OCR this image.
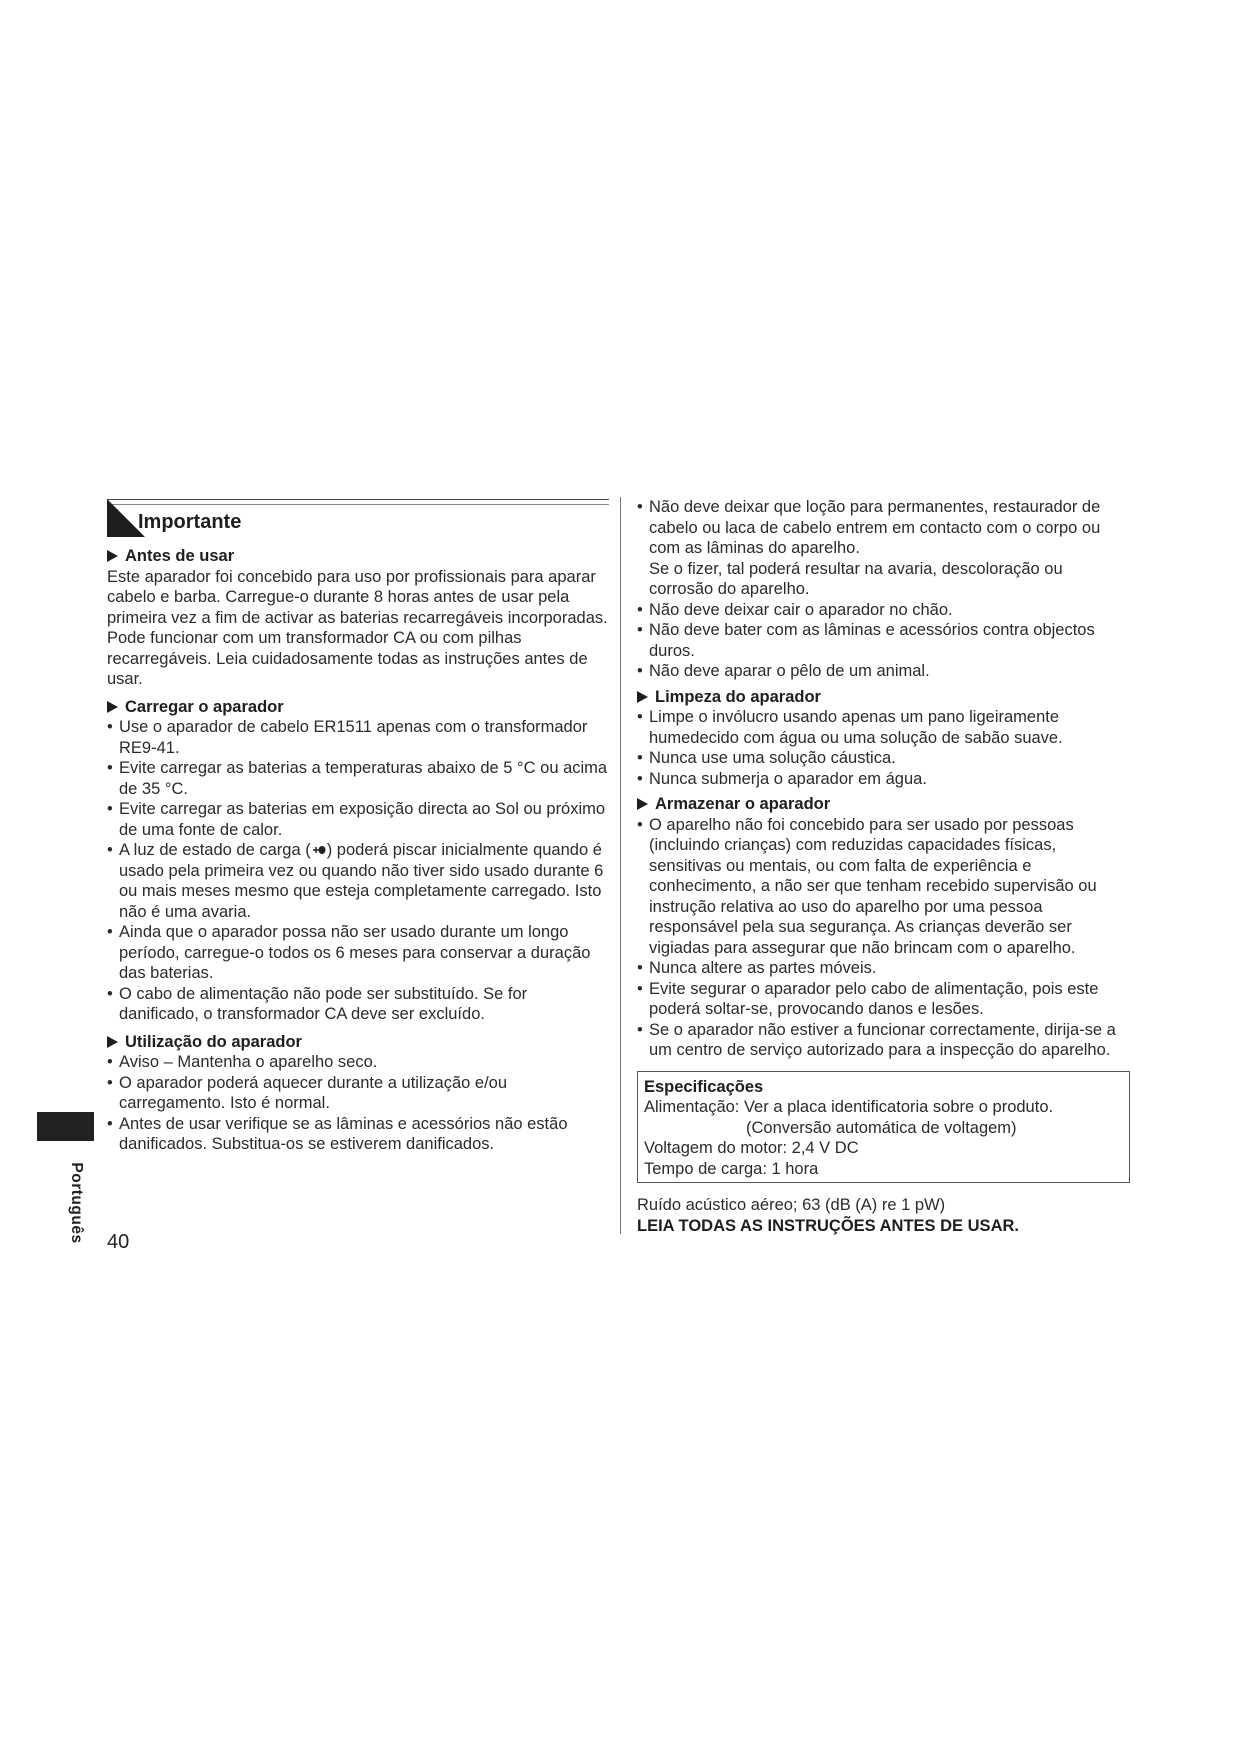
Importante
Antes de usar

Este aparador foi concebido para uso por profissionais para aparar cabelo e barba. Carregue-o durante 8 horas antes de usar pela primeira vez a fim de activar as baterias recarregáveis incorporadas. Pode funcionar com um transformador CA ou com pilhas recarregáveis. Leia cuidadosamente todas as instruções antes de usar.

Carregar o aparador
• Use o aparador de cabelo ER1511 apenas com o transformador RE9-41.
• Evite carregar as baterias a temperaturas abaixo de 5 °C ou acima de 35 °C.
• Evite carregar as baterias em exposição directa ao Sol ou próximo de uma fonte de calor.
• A luz de estado de carga ( ) poderá piscar inicialmente quando é usado pela primeira vez ou quando não tiver sido usado durante 6 ou mais meses mesmo que esteja completamente carregado. Isto não é uma avaria.
• Ainda que o aparador possa não ser usado durante um longo período, carregue-o todos os 6 meses para conservar a duração das baterias.
• O cabo de alimentação não pode ser substituído. Se for danificado, o transformador CA deve ser excluído.
Utilização do aparador
• Aviso – Mantenha o aparelho seco.
• O aparador poderá aquecer durante a utilização e/ou carregamento. Isto é normal.
• Antes de usar verifique se as lâminas e acessórios não estão danificados. Substitua-os se estiverem danificados.
• Não deve deixar que loção para permanentes, restaurador de cabelo ou laca de cabelo entrem em contacto com o corpo ou com as lâminas do aparelho.
Se o fizer, tal poderá resultar na avaria, descoloração ou corrosão do aparelho.
• Não deve deixar cair o aparador no chão.
• Não deve bater com as lâminas e acessórios contra objectos duros.
• Não deve aparar o pêlo de um animal.
Limpeza do aparador
• Limpe o invólucro usando apenas um pano ligeiramente humedecido com água ou uma solução de sabão suave.
• Nunca use uma solução cáustica.
• Nunca submerja o aparador em água.
Armazenar o aparador
• O aparelho não foi concebido para ser usado por pessoas (incluindo crianças) com reduzidas capacidades físicas, sensitivas ou mentais, ou com falta de experiência e conhecimento, a não ser que tenham recebido supervisão ou instrução relativa ao uso do aparelho por uma pessoa responsável pela sua segurança. As crianças deverão ser vigiadas para assegurar que não brincam com o aparelho.
• Nunca altere as partes móveis.
• Evite segurar o aparador pelo cabo de alimentação, pois este poderá soltar-se, provocando danos e lesões.
• Se o aparador não estiver a funcionar correctamente, dirija-se a um centro de serviço autorizado para a inspecção do aparelho.
Especificações
Alimentação: Ver a placa identificatoria sobre o produto.
(Conversão automática de voltagem)
Voltagem do motor: 2,4 V DC
Tempo de carga: 1 hora
Ruído acústico aéreo; 63 (dB (A) re 1 pW)
LEIA TODAS AS INSTRUÇÕES ANTES DE USAR.
Português 40
